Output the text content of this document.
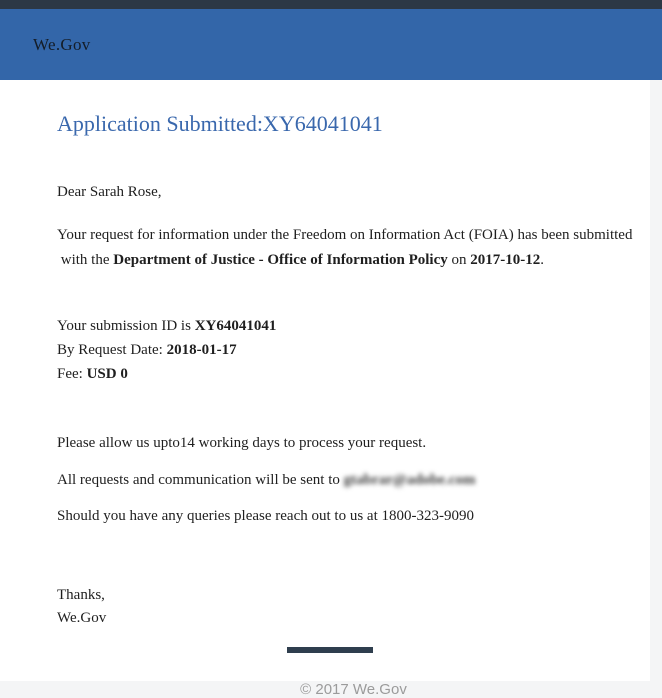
We.Gov
Application Submitted:XY64041041

Dear Sarah Rose,

Your request for information under the Freedom on Information Act (FOIA) has been submitted
with the Department of Justice - Office of Information Policy on 2017-10-12.

Your submission ID is XY64041041

By Request Date: 2018-01-17

Fee: USD 0

Please allow us upto14 working days to process your request.

All requests and communication will be sent to gtabrar@adobe.com

Should you have any queries please reach out to us at 1800-323-9090

Thanks,

We.Gov

© 2017 We.Gov
